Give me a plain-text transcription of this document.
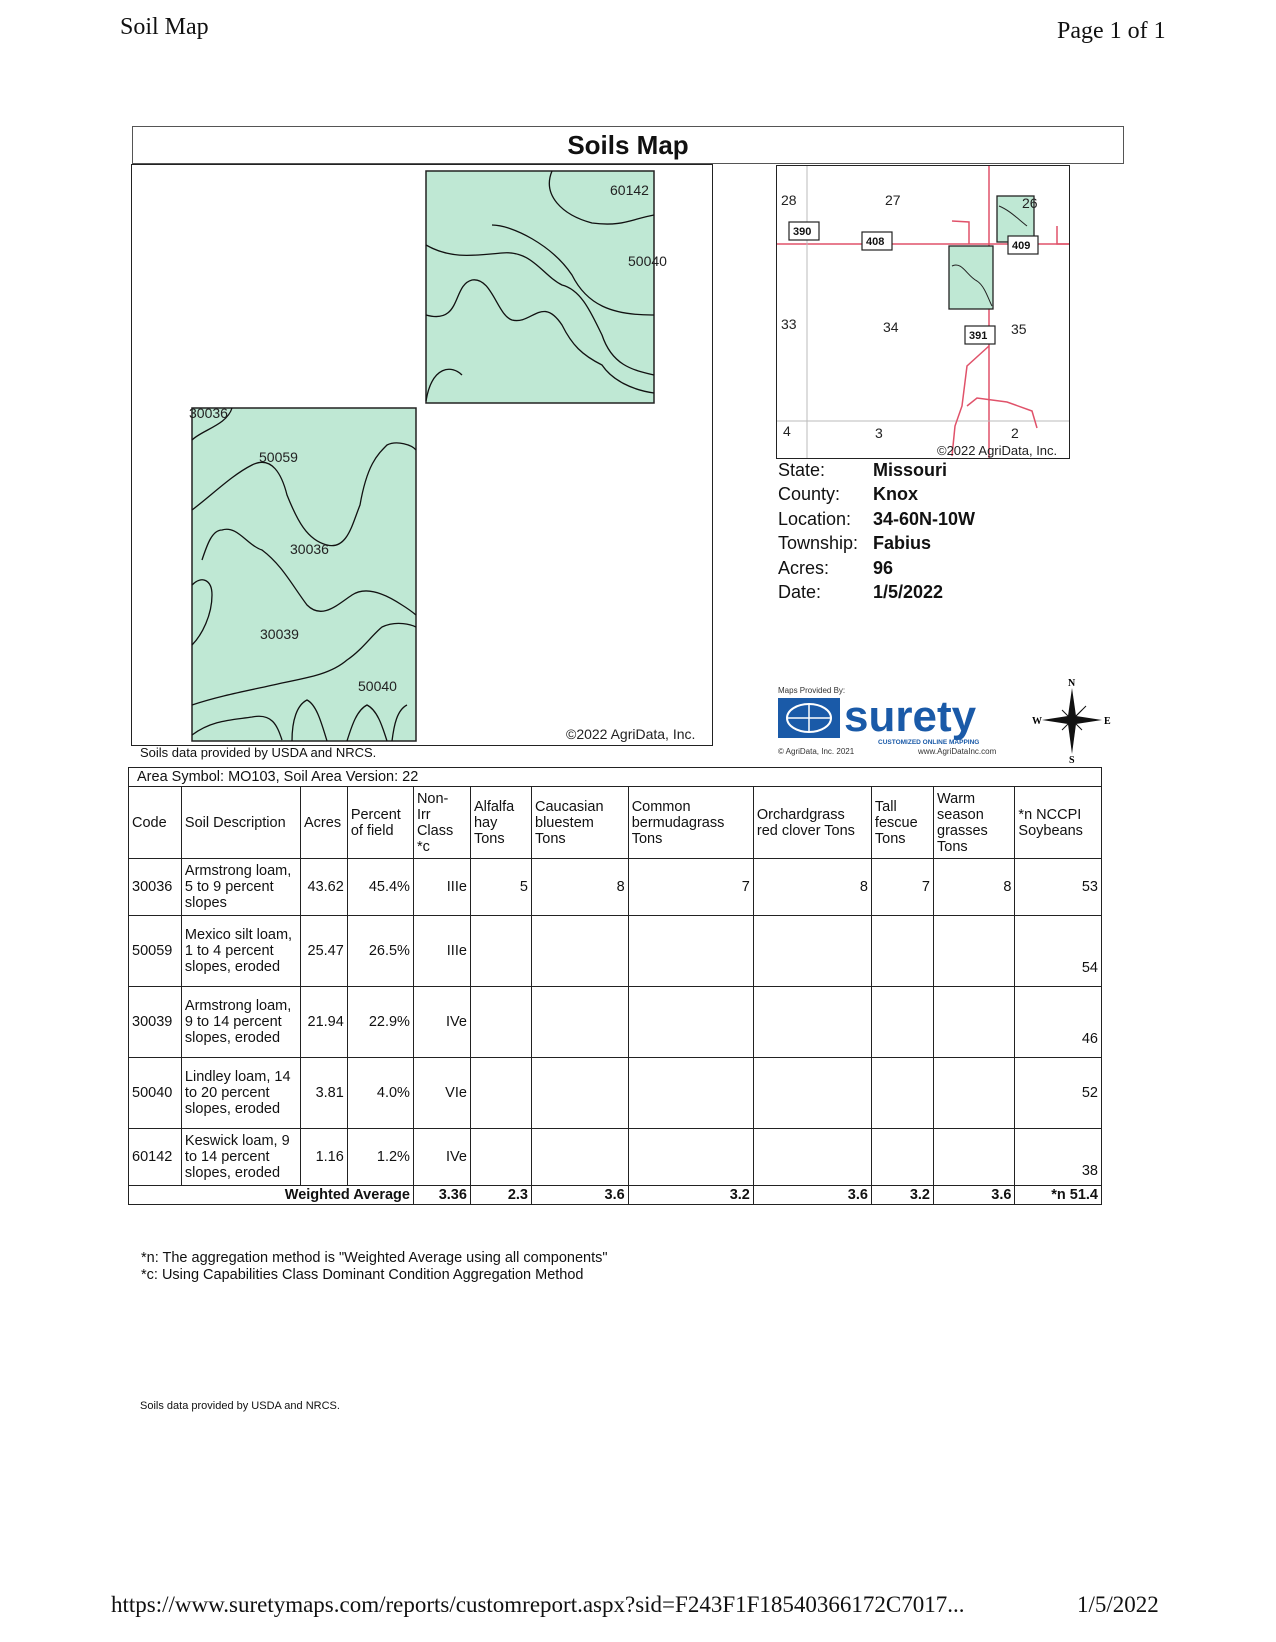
Soil Map	Page 1 of 1
Soils Map
60142
50040
30036
50059
30036
30039
50040
©2022 AgriData, Inc.
28	27	26
33	34	35
4	3	2
390
408	409
391
©2022 AgriData, Inc.
State:	Missouri
County:	Knox
Location:	34-60N-10W
Township: Fabius
Acres:	96
Date:	1/5/2022
Soils data provided by USDA and NRCS.
Maps Provided By:
surety
CUSTOMIZED ONLINE MAPPING
© AgriData, Inc. 2021	www.AgriDataInc.com
N
S
E
W
Area Symbol: MO103, Soil Area Version: 22											
Code	Soil Description	Acres	Percent of field	Non-
Irr
Class
*c	Alfalfa hay Tons	Caucasian bluestem Tons	Common bermudagrass Tons	Orchardgrass red clover Tons	Tall fescue Tons	Warm season grasses Tons	*n NCCPI Soybeans
30036	Armstrong loam, 5 to 9 percent slopes	43.62	45.4%	IIIe	5	8	7	8	7	8	53
50059	Mexico silt loam, 1 to 4 percent slopes, eroded	25.47	26.5%	IIIe							54
30039	Armstrong loam, 9 to 14 percent slopes, eroded	21.94	22.9%	IVe							46
50040	Lindley loam, 14 to 20 percent slopes, eroded	3.81	4.0%	VIe							52
60142	Keswick loam, 9 to 14 percent slopes, eroded	1.16	1.2%	IVe							38
Weighted Average				3.36	2.3	3.6	3.2	3.6	3.2	3.6	*n 51.4
*n: The aggregation method is "Weighted Average using all components"
*c: Using Capabilities Class Dominant Condition Aggregation Method
Soils data provided by USDA and NRCS.
https://www.suretymaps.com/reports/customreport.aspx?sid=F243F1F18540366172C7017...	1/5/2022
